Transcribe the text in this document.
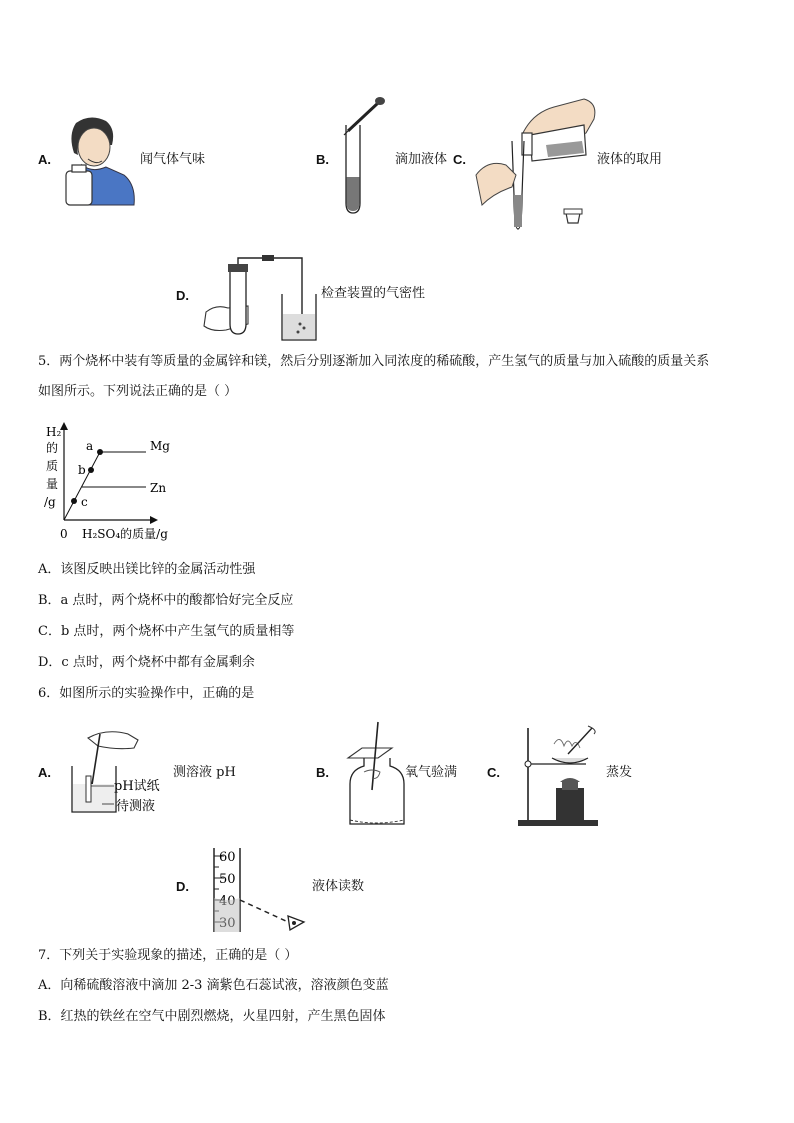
A.	闻气体气味	B.	滴加液体 C.	液体的取用
D.	检查装置的气密性
5．两个烧杯中装有等质量的金属锌和镁，然后分别逐渐加入同浓度的稀硫酸，产生氢气的质量与加入硫酸的质量关系
如图所示。下列说法正确的是（ ）
H₂
的
质
量
/g
a
b
c
Mg
Zn
0 H₂SO₄的质量/g
A．该图反映出镁比锌的金属活动性强
B．a 点时，两个烧杯中的酸都恰好完全反应
C．b 点时，两个烧杯中产生氢气的质量相等
D．c 点时，两个烧杯中都有金属剩余
6．如图所示的实验操作中，正确的是
A.
pH试纸
待测液
测溶液 pH	B.	氧气验满 C.	蒸发
D.
60
50	液体读数
7．下列关于实验现象的描述，正确的是（ ）
A．向稀硫酸溶液中滴加 2-3 滴紫色石蕊试液，溶液颜色变蓝
B．红热的铁丝在空气中剧烈燃烧，火星四射，产生黑色固体
